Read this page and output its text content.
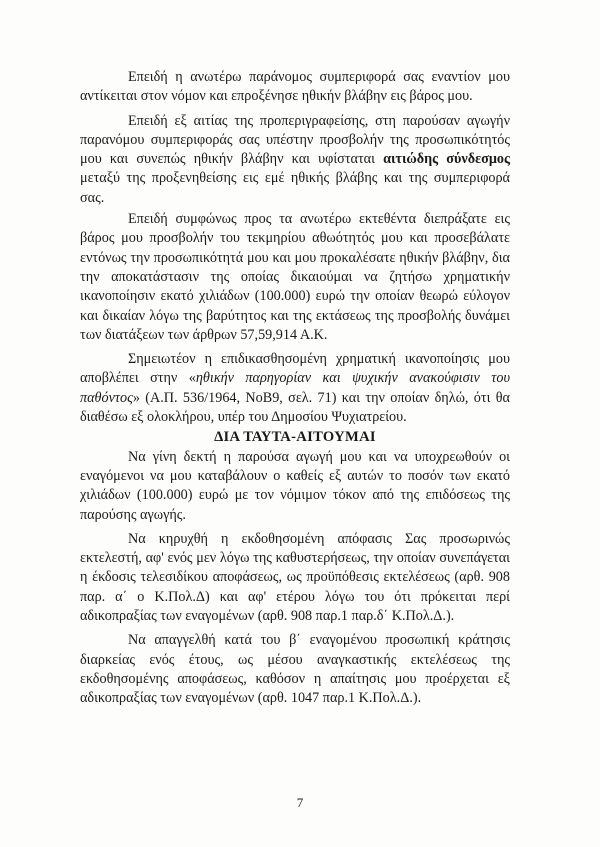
Επειδή η ανωτέρω παράνομος συμπεριφορά σας εναντίον μου αντίκειται στον νόμον και επροξένησε ηθικήν βλάβην εις βάρος μου.

Επειδή εξ αιτίας της προπεριγραφείσης, στη παρούσαν αγωγήν παρανόμου συμπεριφοράς σας υπέστην προσβολήν της προσωπικότητός μου και συνεπώς ηθικήν βλάβην και υφίσταται αιτιώδης σύνδεσμος μεταξύ της προξενηθείσης εις εμέ ηθικής βλάβης και της συμπεριφορά σας.

Επειδή συμφώνως προς τα ανωτέρω εκτεθέντα διεπράξατε εις βάρος μου προσβολήν του τεκμηρίου αθωότητός μου και προσεβάλατε εντόνως την προσωπικότητά μου και μου προκαλέσατε ηθικήν βλάβην, δια την αποκατάστασιν της οποίας δικαιούμαι να ζητήσω χρηματικήν ικανοποίησιν εκατό χιλιάδων (100.000) ευρώ την οποίαν θεωρώ εύλογον και δικαίαν λόγω της βαρύτητος και της εκτάσεως της προσβολής δυνάμει των διατάξεων των άρθρων 57,59,914 Α.Κ.

Σημειωτέον η επιδικασθησομένη χρηματική ικανοποίησις μου αποβλέπει στην «ηθικήν παρηγορίαν και ψυχικήν ανακούφισιν του παθόντος» (Α.Π. 536/1964, ΝοΒ9, σελ. 71) και την οποίαν δηλώ, ότι θα διαθέσω εξ ολοκλήρου, υπέρ του Δημοσίου Ψυχιατρείου.

ΔΙΑ ΤΑΥΤΑ-ΑΙΤΟΥΜΑΙ

Να γίνη δεκτή η παρούσα αγωγή μου και να υποχρεωθούν οι εναγόμενοι να μου καταβάλουν ο καθείς εξ αυτών το ποσόν των εκατό χιλιάδων (100.000) ευρώ με τον νόμιμον τόκον από της επιδόσεως της παρούσης αγωγής.

Να κηρυχθή η εκδοθησομένη απόφασις Σας προσωρινώς εκτελεστή, αφ' ενός μεν λόγω της καθυστερήσεως, την οποίαν συνεπάγεται η έκδοσις τελεσιδίκου αποφάσεως, ως προϋπόθεσις εκτελέσεως (αρθ. 908 παρ. α΄ ο Κ.Πολ.Δ) και αφ' ετέρου λόγω του ότι πρόκειται περί αδικοπραξίας των εναγομένων (αρθ. 908 παρ.1 παρ.δ΄ Κ.Πολ.Δ.).

Να απαγγελθή κατά του β΄ εναγομένου προσωπική κράτησις διαρκείας ενός έτους, ως μέσου αναγκαστικής εκτελέσεως της εκδοθησομένης αποφάσεως, καθόσον η απαίτησις μου προέρχεται εξ αδικοπραξίας των εναγομένων (αρθ. 1047 παρ.1 Κ.Πολ.Δ.).

7
